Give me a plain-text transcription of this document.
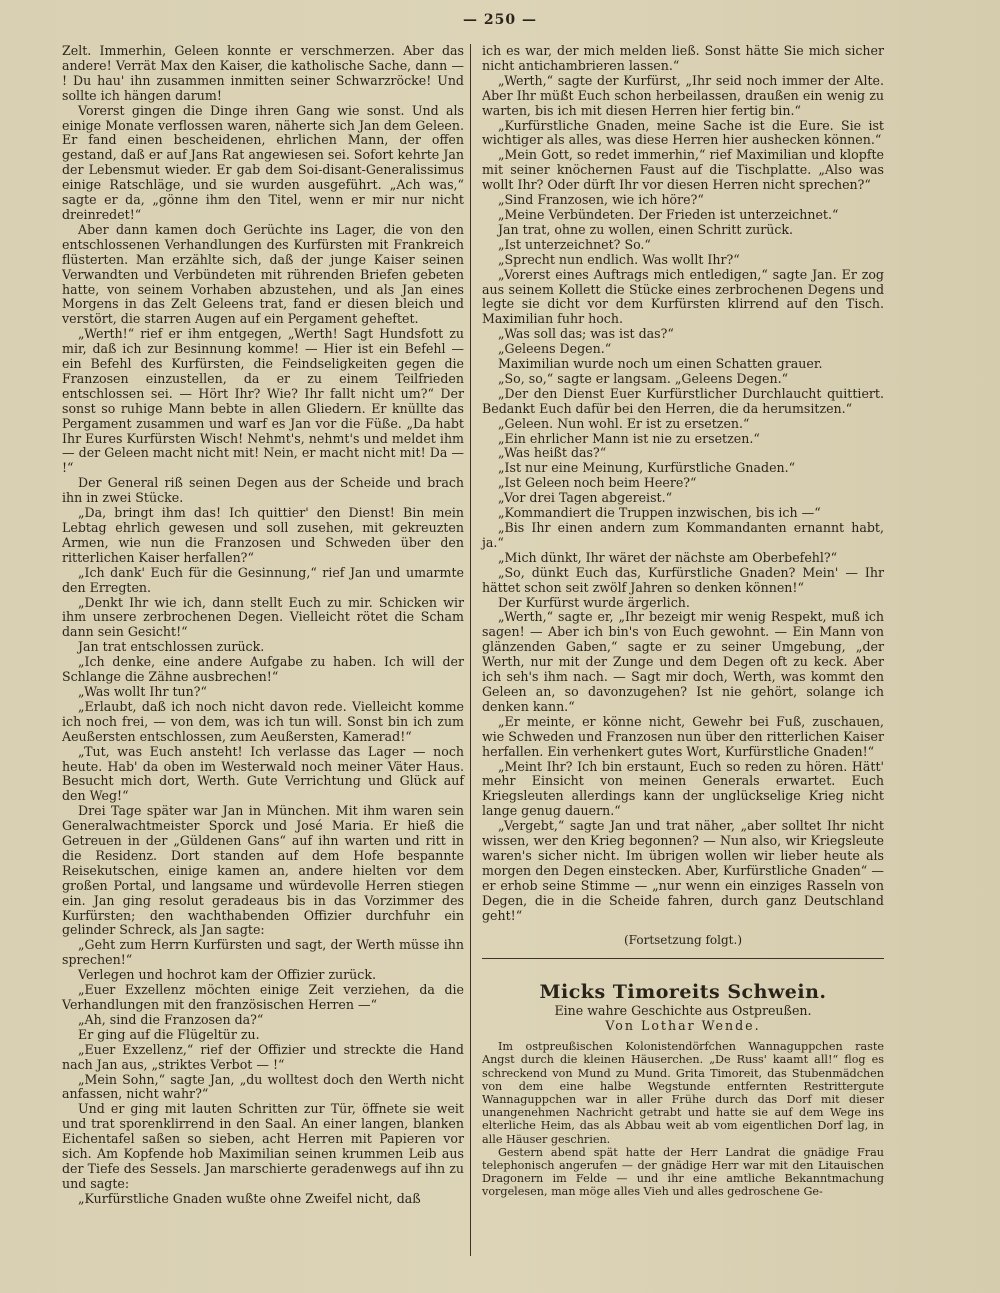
— 250 —

Zelt. Immerhin, Geleen konnte er verschmerzen. Aber das andere! Verrät Max den Kaiser, die katholische Sache, dann — ! Du hau' ihn zusammen inmitten seiner Schwarzröcke! Und sollte ich hängen darum!

Vorerst gingen die Dinge ihren Gang wie sonst. Und als einige Monate verflossen waren, näherte sich Jan dem Geleen. Er fand einen bescheidenen, ehrlichen Mann, der offen gestand, daß er auf Jans Rat angewiesen sei. Sofort kehrte Jan der Lebensmut wieder. Er gab dem Soi-disant-Generalissimus einige Ratschläge, und sie wurden ausgeführt. „Ach was,“ sagte er da, „gönne ihm den Titel, wenn er mir nur nicht dreinredet!“

Aber dann kamen doch Gerüchte ins Lager, die von den entschlossenen Verhandlungen des Kurfürsten mit Frankreich flüsterten. Man erzählte sich, daß der junge Kaiser seinen Verwandten und Verbündeten mit rührenden Briefen gebeten hatte, von seinem Vorhaben abzustehen, und als Jan eines Morgens in das Zelt Geleens trat, fand er diesen bleich und verstört, die starren Augen auf ein Pergament geheftet.

„Werth!“ rief er ihm entgegen, „Werth! Sagt Hundsfott zu mir, daß ich zur Besinnung komme! — Hier ist ein Befehl — ein Befehl des Kurfürsten, die Feindseligkeiten gegen die Franzosen einzustellen, da er zu einem Teilfrieden entschlossen sei. — Hört Ihr? Wie? Ihr fallt nicht um?“ Der sonst so ruhige Mann bebte in allen Gliedern. Er knüllte das Pergament zusammen und warf es Jan vor die Füße. „Da habt Ihr Eures Kurfürsten Wisch! Nehmt's, nehmt's und meldet ihm — der Geleen macht nicht mit! Nein, er macht nicht mit! Da — !“

Der General riß seinen Degen aus der Scheide und brach ihn in zwei Stücke.

„Da, bringt ihm das! Ich quittier' den Dienst! Bin mein Lebtag ehrlich gewesen und soll zusehen, mit gekreuzten Armen, wie nun die Franzosen und Schweden über den ritterlichen Kaiser herfallen?“

„Ich dank' Euch für die Gesinnung,“ rief Jan und umarmte den Erregten.

„Denkt Ihr wie ich, dann stellt Euch zu mir. Schicken wir ihm unsere zerbrochenen Degen. Vielleicht rötet die Scham dann sein Gesicht!“

Jan trat entschlossen zurück.

„Ich denke, eine andere Aufgabe zu haben. Ich will der Schlange die Zähne ausbrechen!“

„Was wollt Ihr tun?“

„Erlaubt, daß ich noch nicht davon rede. Vielleicht komme ich noch frei, — von dem, was ich tun will. Sonst bin ich zum Aeußersten entschlossen, zum Aeußersten, Kamerad!“

„Tut, was Euch ansteht! Ich verlasse das Lager — noch heute. Hab' da oben im Westerwald noch meiner Väter Haus. Besucht mich dort, Werth. Gute Verrichtung und Glück auf den Weg!“

Drei Tage später war Jan in München. Mit ihm waren sein Generalwachtmeister Sporck und José Maria. Er hieß die Getreuen in der „Güldenen Gans“ auf ihn warten und ritt in die Residenz. Dort standen auf dem Hofe bespannte Reisekutschen, einige kamen an, andere hielten vor dem großen Portal, und langsame und würdevolle Herren stiegen ein. Jan ging resolut geradeaus bis in das Vorzimmer des Kurfürsten; den wachthabenden Offizier durchfuhr ein gelinder Schreck, als Jan sagte:

„Geht zum Herrn Kurfürsten und sagt, der Werth müsse ihn sprechen!“

Verlegen und hochrot kam der Offizier zurück.

„Euer Exzellenz möchten einige Zeit verziehen, da die Verhandlungen mit den französischen Herren —“

„Ah, sind die Franzosen da?“

Er ging auf die Flügeltür zu.

„Euer Exzellenz,“ rief der Offizier und streckte die Hand nach Jan aus, „striktes Verbot — !“

„Mein Sohn,“ sagte Jan, „du wolltest doch den Werth nicht anfassen, nicht wahr?“

Und er ging mit lauten Schritten zur Tür, öffnete sie weit und trat sporenklirrend in den Saal. An einer langen, blanken Eichentafel saßen so sieben, acht Herren mit Papieren vor sich. Am Kopfende hob Maximilian seinen krummen Leib aus der Tiefe des Sessels. Jan marschierte geradenwegs auf ihn zu und sagte:

„Kurfürstliche Gnaden wußte ohne Zweifel nicht, daß

ich es war, der mich melden ließ. Sonst hätte Sie mich sicher nicht antichambrieren lassen.“

„Werth,“ sagte der Kurfürst, „Ihr seid noch immer der Alte. Aber Ihr müßt Euch schon herbeilassen, draußen ein wenig zu warten, bis ich mit diesen Herren hier fertig bin.“

„Kurfürstliche Gnaden, meine Sache ist die Eure. Sie ist wichtiger als alles, was diese Herren hier aushecken können.“

„Mein Gott, so redet immerhin,“ rief Maximilian und klopfte mit seiner knöchernen Faust auf die Tischplatte. „Also was wollt Ihr? Oder dürft Ihr vor diesen Herren nicht sprechen?“

„Sind Franzosen, wie ich höre?“

„Meine Verbündeten. Der Frieden ist unterzeichnet.“

Jan trat, ohne zu wollen, einen Schritt zurück.

„Ist unterzeichnet? So.“

„Sprecht nun endlich. Was wollt Ihr?“

„Vorerst eines Auftrags mich entledigen,“ sagte Jan. Er zog aus seinem Kollett die Stücke eines zerbrochenen Degens und legte sie dicht vor dem Kurfürsten klirrend auf den Tisch. Maximilian fuhr hoch.

„Was soll das; was ist das?“

„Geleens Degen.“

Maximilian wurde noch um einen Schatten grauer.

„So, so,“ sagte er langsam. „Geleens Degen.“

„Der den Dienst Euer Kurfürstlicher Durchlaucht quittiert. Bedankt Euch dafür bei den Herren, die da herumsitzen.“

„Geleen. Nun wohl. Er ist zu ersetzen.“

„Ein ehrlicher Mann ist nie zu ersetzen.“

„Was heißt das?“

„Ist nur eine Meinung, Kurfürstliche Gnaden.“

„Ist Geleen noch beim Heere?“

„Vor drei Tagen abgereist.“

„Kommandiert die Truppen inzwischen, bis ich —“

„Bis Ihr einen andern zum Kommandanten ernannt habt, ja.“

„Mich dünkt, Ihr wäret der nächste am Oberbefehl?“

„So, dünkt Euch das, Kurfürstliche Gnaden? Mein' — Ihr hättet schon seit zwölf Jahren so denken können!“

Der Kurfürst wurde ärgerlich.

„Werth,“ sagte er, „Ihr bezeigt mir wenig Respekt, muß ich sagen! — Aber ich bin's von Euch gewohnt. — Ein Mann von glänzenden Gaben,“ sagte er zu seiner Umgebung, „der Werth, nur mit der Zunge und dem Degen oft zu keck. Aber ich seh's ihm nach. — Sagt mir doch, Werth, was kommt den Geleen an, so davonzugehen? Ist nie gehört, solange ich denken kann.“

„Er meinte, er könne nicht, Gewehr bei Fuß, zuschauen, wie Schweden und Franzosen nun über den ritterlichen Kaiser herfallen. Ein verhenkert gutes Wort, Kurfürstliche Gnaden!“

„Meint Ihr? Ich bin erstaunt, Euch so reden zu hören. Hätt' mehr Einsicht von meinen Generals erwartet. Euch Kriegsleuten allerdings kann der unglückselige Krieg nicht lange genug dauern.“

„Vergebt,“ sagte Jan und trat näher, „aber solltet Ihr nicht wissen, wer den Krieg begonnen? — Nun also, wir Kriegsleute waren's sicher nicht. Im übrigen wollen wir lieber heute als morgen den Degen einstecken. Aber, Kurfürstliche Gnaden“ — er erhob seine Stimme — „nur wenn ein einziges Rasseln von Degen, die in die Scheide fahren, durch ganz Deutschland geht!“

(Fortsetzung folgt.)

Micks Timoreits Schwein.
Eine wahre Geschichte aus Ostpreußen.
Von Lothar Wende.

Im ostpreußischen Kolonistendörfchen Wannaguppchen raste Angst durch die kleinen Häuserchen. „De Russ' kaamt all!“ flog es schreckend von Mund zu Mund. Grita Timoreit, das Stubenmädchen von dem eine halbe Wegstunde entfernten Restrittergute Wannaguppchen war in aller Frühe durch das Dorf mit dieser unangenehmen Nachricht getrabt und hatte sie auf dem Wege ins elterliche Heim, das als Abbau weit ab vom eigentlichen Dorf lag, in alle Häuser geschrien.

Gestern abend spät hatte der Herr Landrat die gnädige Frau telephonisch angerufen — der gnädige Herr war mit den Litauischen Dragonern im Felde — und ihr eine amtliche Bekanntmachung vorgelesen, man möge alles Vieh und alles gedroschene Ge-
